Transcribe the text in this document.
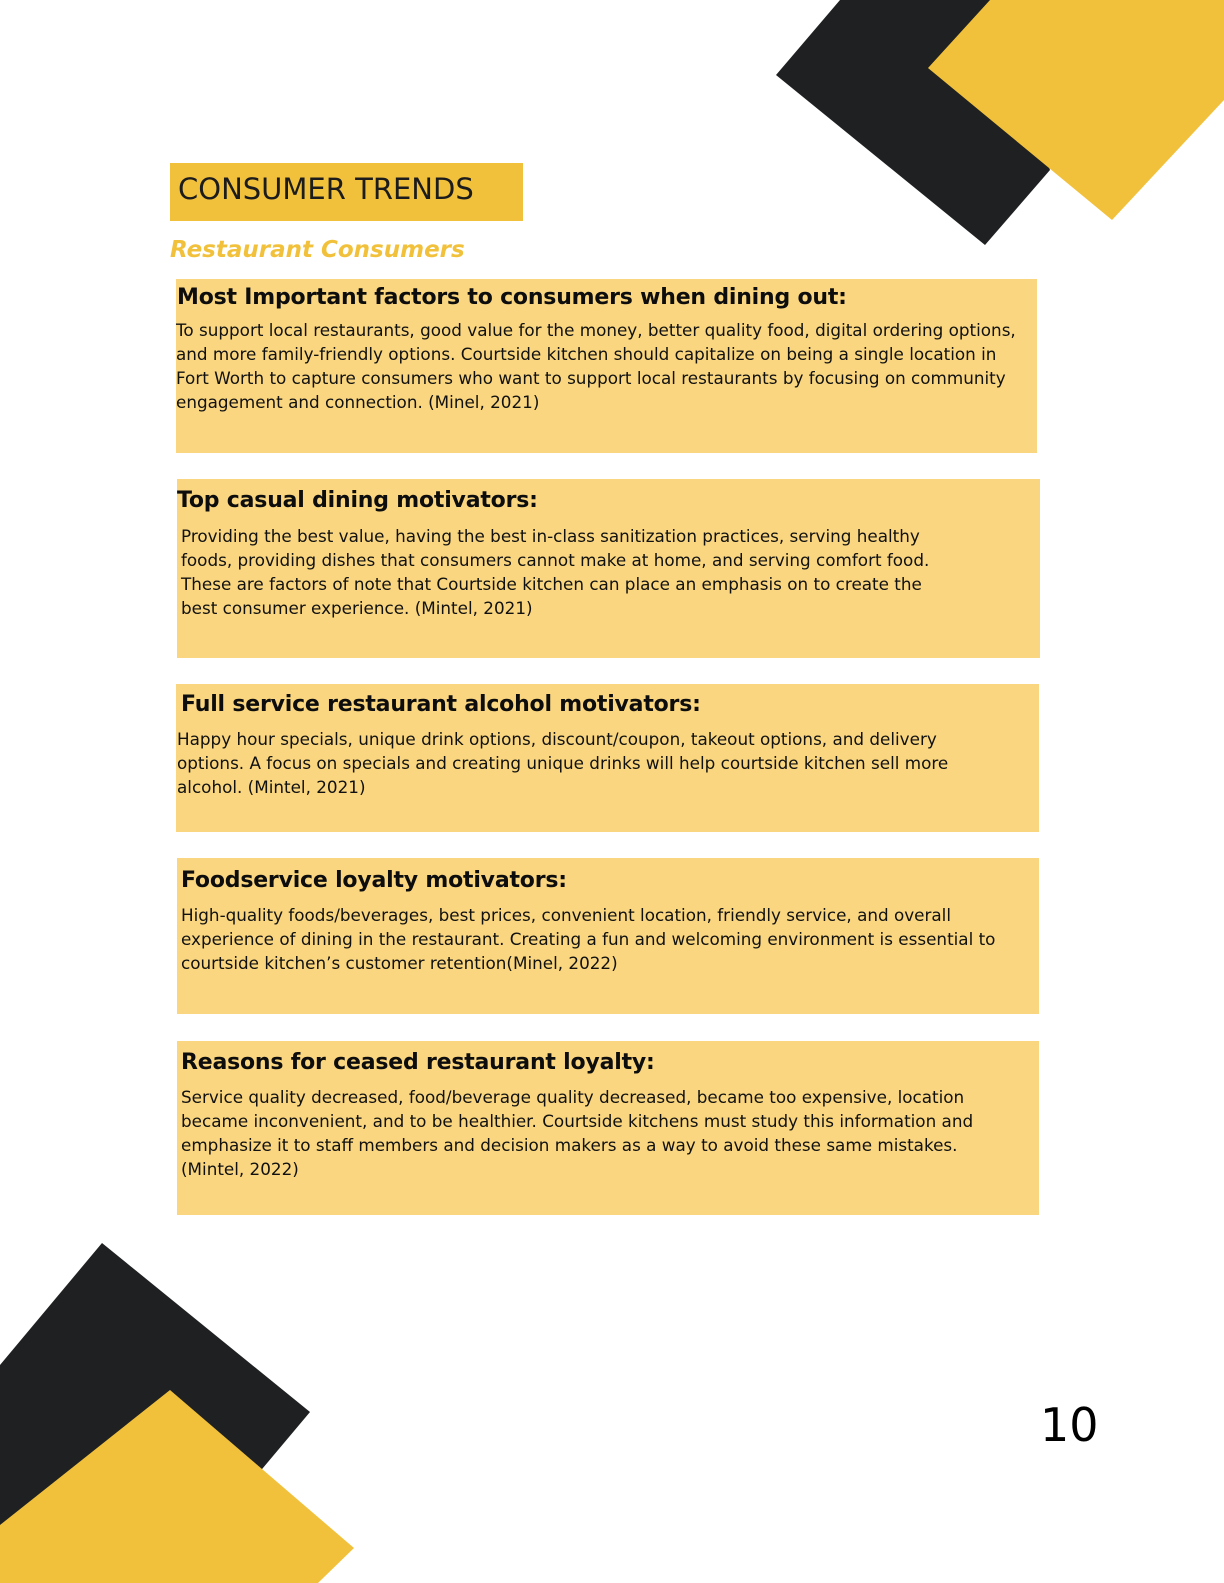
CONSUMER TRENDS
Restaurant Consumers
Most Important factors to consumers when dining out:

To support local restaurants, good value for the money, better quality food, digital ordering options, and more family-friendly options. Courtside kitchen should capitalize on being a single location in Fort Worth to capture consumers who want to support local restaurants by focusing on community engagement and connection. (Minel, 2021)

Top casual dining motivators:

Providing the best value, having the best in-class sanitization practices, serving healthy foods, providing dishes that consumers cannot make at home, and serving comfort food. These are factors of note that Courtside kitchen can place an emphasis on to create the best consumer experience. (Mintel, 2021)

Full service restaurant alcohol motivators:

Happy hour specials, unique drink options, discount/coupon, takeout options, and delivery options. A focus on specials and creating unique drinks will help courtside kitchen sell more alcohol. (Mintel, 2021)

Foodservice loyalty motivators:

High-quality foods/beverages, best prices, convenient location, friendly service, and overall experience of dining in the restaurant. Creating a fun and welcoming environment is essential to courtside kitchen’s customer retention(Minel, 2022)

Reasons for ceased restaurant loyalty:

Service quality decreased, food/beverage quality decreased, became too expensive, location became inconvenient, and to be healthier. Courtside kitchens must study this information and emphasize it to staff members and decision makers as a way to avoid these same mistakes. (Mintel, 2022)

10
